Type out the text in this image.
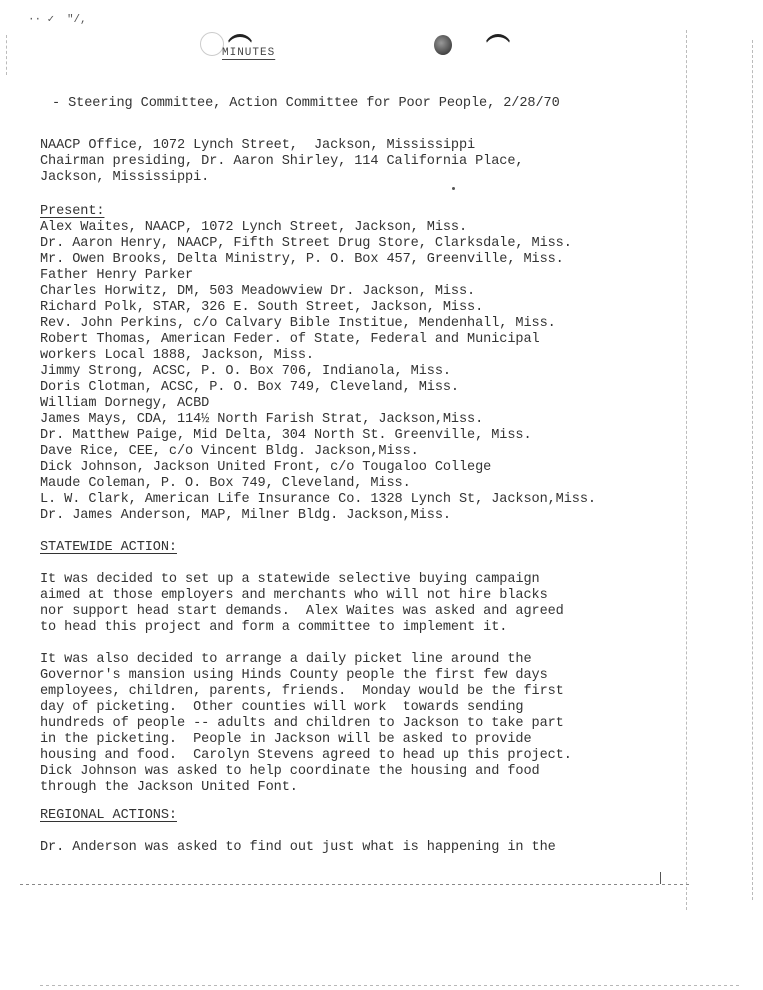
·· ✓  ʺ/,
MINUTES
- Steering Committee, Action Committee for Poor People, 2/28/70
NAACP Office, 1072 Lynch Street,  Jackson, Mississippi
Chairman presiding, Dr. Aaron Shirley, 114 California Place,
Jackson, Mississippi.
Present:
Alex Waites, NAACP, 1072 Lynch Street, Jackson, Miss.
Dr. Aaron Henry, NAACP, Fifth Street Drug Store, Clarksdale, Miss.
Mr. Owen Brooks, Delta Ministry, P. O. Box 457, Greenville, Miss.
Father Henry Parker
Charles Horwitz, DM, 503 Meadowview Dr. Jackson, Miss.
Richard Polk, STAR, 326 E. South Street, Jackson, Miss.
Rev. John Perkins, c/o Calvary Bible Institue, Mendenhall, Miss.
Robert Thomas, American Feder. of State, Federal and Municipal
workers Local 1888, Jackson, Miss.
Jimmy Strong, ACSC, P. O. Box 706, Indianola, Miss.
Doris Clotman, ACSC, P. O. Box 749, Cleveland, Miss.
William Dornegy, ACBD
James Mays, CDA, 114½ North Farish Strat, Jackson,Miss.
Dr. Matthew Paige, Mid Delta, 304 North St. Greenville, Miss.
Dave Rice, CEE, c/o Vincent Bldg. Jackson,Miss.
Dick Johnson, Jackson United Front, c/o Tougaloo College
Maude Coleman, P. O. Box 749, Cleveland, Miss.
L. W. Clark, American Life Insurance Co. 1328 Lynch St, Jackson,Miss.
Dr. James Anderson, MAP, Milner Bldg. Jackson,Miss.
STATEWIDE ACTION:
It was decided to set up a statewide selective buying campaign
aimed at those employers and merchants who will not hire blacks
nor support head start demands.  Alex Waites was asked and agreed
to head this project and form a committee to implement it.
It was also decided to arrange a daily picket line around the
Governor's mansion using Hinds County people the first few days
employees, children, parents, friends.  Monday would be the first
day of picketing.  Other counties will work  towards sending
hundreds of people -- adults and children to Jackson to take part
in the picketing.  People in Jackson will be asked to provide
housing and food.  Carolyn Stevens agreed to head up this project.
Dick Johnson was asked to help coordinate the housing and food
through the Jackson United Font.
REGIONAL ACTIONS:
Dr. Anderson was asked to find out just what is happening in the
